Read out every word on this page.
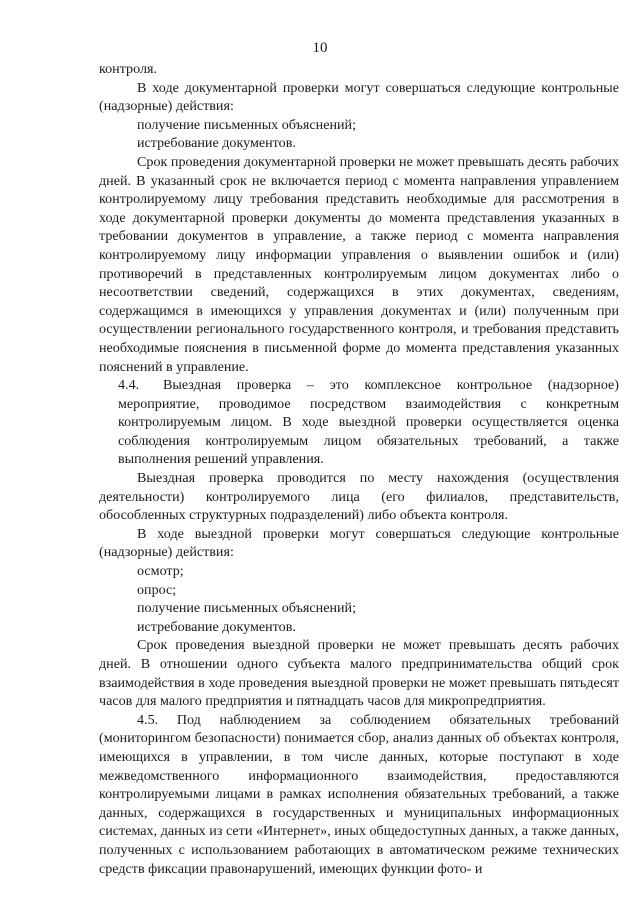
10

контроля.

В ходе документарной проверки могут совершаться следующие контрольные (надзорные) действия:

получение письменных объяснений;

истребование документов.

Срок проведения документарной проверки не может превышать десять рабочих дней. В указанный срок не включается период с момента направления управлением контролируемому лицу требования представить необходимые для рассмотрения в ходе документарной проверки документы до момента представления указанных в требовании документов в управление, а также период с момента направления контролируемому лицу информации управления о выявлении ошибок и (или) противоречий в представленных контролируемым лицом документах либо о несоответствии сведений, содержащихся в этих документах, сведениям, содержащимся в имеющихся у управления документах и (или) полученным при осуществлении регионального государственного контроля, и требования представить необходимые пояснения в письменной форме до момента представления указанных пояснений в управление.

4.4. Выездная проверка – это комплексное контрольное (надзорное) мероприятие, проводимое посредством взаимодействия с конкретным контролируемым лицом. В ходе выездной проверки осуществляется оценка соблюдения контролируемым лицом обязательных требований, а также выполнения решений управления.

Выездная проверка проводится по месту нахождения (осуществления деятельности) контролируемого лица (его филиалов, представительств, обособленных структурных подразделений) либо объекта контроля.

В ходе выездной проверки могут совершаться следующие контрольные (надзорные) действия:

осмотр;

опрос;

получение письменных объяснений;

истребование документов.

Срок проведения выездной проверки не может превышать десять рабочих дней. В отношении одного субъекта малого предпринимательства общий срок взаимодействия в ходе проведения выездной проверки не может превышать пятьдесят часов для малого предприятия и пятнадцать часов для микропредприятия.

4.5. Под наблюдением за соблюдением обязательных требований (мониторингом безопасности) понимается сбор, анализ данных об объектах контроля, имеющихся в управлении, в том числе данных, которые поступают в ходе межведомственного информационного взаимодействия, предоставляются контролируемыми лицами в рамках исполнения обязательных требований, а также данных, содержащихся в государственных и муниципальных информационных системах, данных из сети «Интернет», иных общедоступных данных, а также данных, полученных с использованием работающих в автоматическом режиме технических средств фиксации правонарушений, имеющих функции фото- и
